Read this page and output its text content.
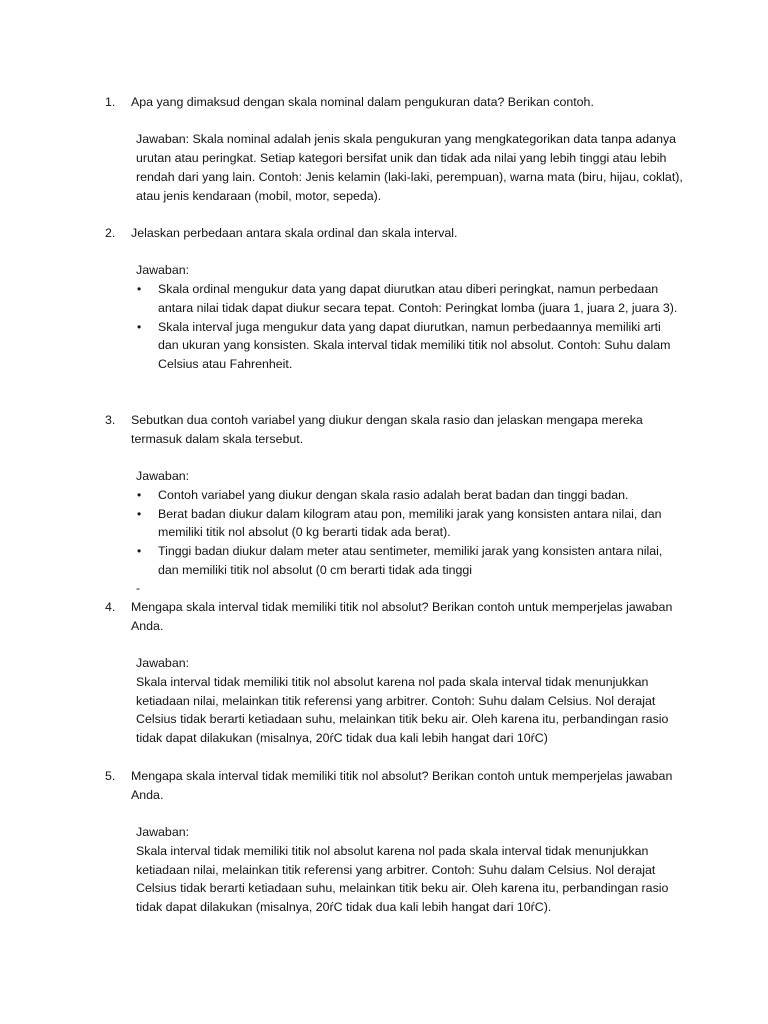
1.	Apa yang dimaksud dengan skala nominal dalam pengukuran data? Berikan contoh.

Jawaban: Skala nominal adalah jenis skala pengukuran yang mengkategorikan data tanpa adanya urutan atau peringkat. Setiap kategori bersifat unik dan tidak ada nilai yang lebih tinggi atau lebih rendah dari yang lain. Contoh: Jenis kelamin (laki-laki, perempuan), warna mata (biru, hijau, coklat), atau jenis kendaraan (mobil, motor, sepeda).

2.	Jelaskan perbedaan antara skala ordinal dan skala interval.

Jawaban:

• Skala ordinal mengukur data yang dapat diurutkan atau diberi peringkat, namun perbedaan antara nilai tidak dapat diukur secara tepat. Contoh: Peringkat lomba (juara 1, juara 2, juara 3).
• Skala interval juga mengukur data yang dapat diurutkan, namun perbedaannya memiliki arti dan ukuran yang konsisten. Skala interval tidak memiliki titik nol absolut. Contoh: Suhu dalam Celsius atau Fahrenheit.
3.	Sebutkan dua contoh variabel yang diukur dengan skala rasio dan jelaskan mengapa mereka termasuk dalam skala tersebut.

Jawaban:

• Contoh variabel yang diukur dengan skala rasio adalah berat badan dan tinggi badan.
• Berat badan diukur dalam kilogram atau pon, memiliki jarak yang konsisten antara nilai, dan memiliki titik nol absolut (0 kg berarti tidak ada berat).
• Tinggi badan diukur dalam meter atau sentimeter, memiliki jarak yang konsisten antara nilai, dan memiliki titik nol absolut (0 cm berarti tidak ada tinggi

-

4.	Mengapa skala interval tidak memiliki titik nol absolut? Berikan contoh untuk memperjelas jawaban Anda.

Jawaban:

Skala interval tidak memiliki titik nol absolut karena nol pada skala interval tidak menunjukkan ketiadaan nilai, melainkan titik referensi yang arbitrer. Contoh: Suhu dalam Celsius. Nol derajat Celsius tidak berarti ketiadaan suhu, melainkan titik beku air. Oleh karena itu, perbandingan rasio tidak dapat dilakukan (misalnya, 20ŕC tidak dua kali lebih hangat dari 10ŕC)

5.	Mengapa skala interval tidak memiliki titik nol absolut? Berikan contoh untuk memperjelas jawaban Anda.

Jawaban:

Skala interval tidak memiliki titik nol absolut karena nol pada skala interval tidak menunjukkan ketiadaan nilai, melainkan titik referensi yang arbitrer. Contoh: Suhu dalam Celsius. Nol derajat Celsius tidak berarti ketiadaan suhu, melainkan titik beku air. Oleh karena itu, perbandingan rasio tidak dapat dilakukan (misalnya, 20ŕC tidak dua kali lebih hangat dari 10ŕC).
